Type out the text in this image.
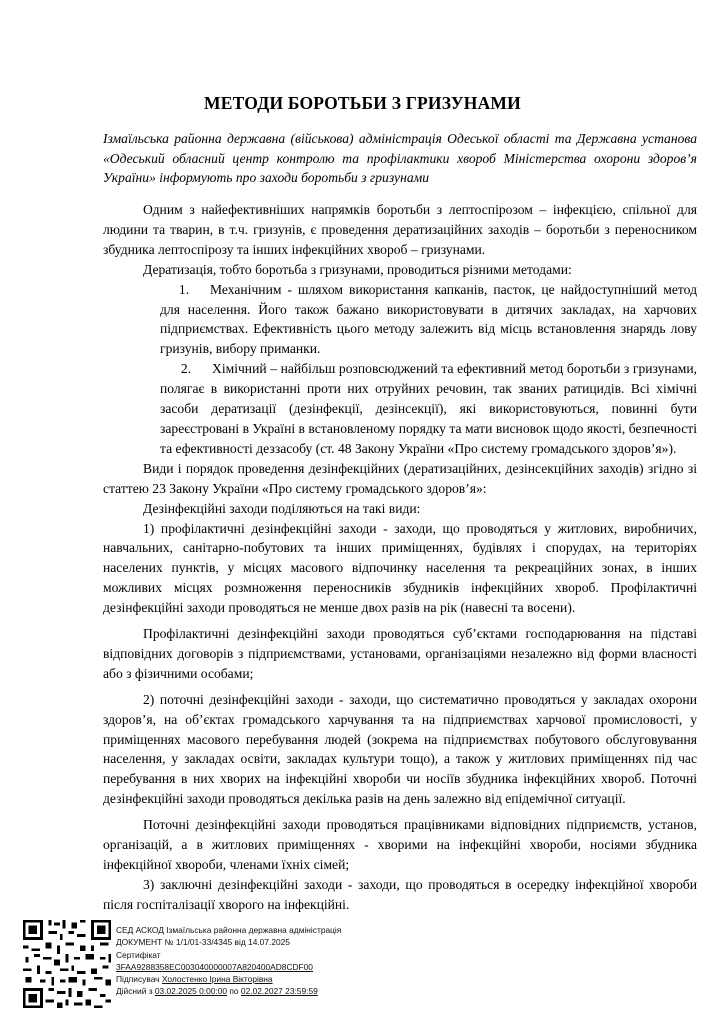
МЕТОДИ БОРОТЬБИ З ГРИЗУНАМИ
Ізмаїльська районна державна (військова) адміністрація Одеської області та Державна установа «Одеський обласний центр контролю та профілактики хвороб Міністерства охорони здоров’я України» інформують про заходи боротьби з гризунами

Одним з найефективніших напрямків боротьби з лептоспірозом – інфекцією, спільної для людини та тварин, в т.ч. гризунів, є проведення дератизаційних заходів – боротьби з переносником збудника лептоспірозу та інших інфекційних хвороб – гризунами.

Дератизація, тобто боротьба з гризунами, проводиться різними методами:

1. Механічним - шляхом використання капканів, пасток, це найдоступніший метод для населення. Його також бажано використовувати в дитячих закладах, на харчових підприємствах. Ефективність цього методу залежить від місць встановлення знарядь лову гризунів, вибору приманки.

2. Хімічний – найбільш розповсюджений та ефективний метод боротьби з гризунами, полягає в використанні проти них отруйних речовин, так званих ратицидів. Всі хімічні засоби дератизації (дезінфекції, дезінсекції), які використовуються, повинні бути зареєстровані в Україні в встановленому порядку та мати висновок щодо якості, безпечності та ефективності деззасобу (ст. 48 Закону України «Про систему громадського здоров’я»).

Види і порядок проведення дезінфекційних (дератизаційних, дезінсекційних заходів) згідно зі статтею 23 Закону України «Про систему громадського здоров’я»:

Дезінфекційні заходи поділяються на такі види:

1) профілактичні дезінфекційні заходи - заходи, що проводяться у житлових, виробничих, навчальних, санітарно-побутових та інших приміщеннях, будівлях і спорудах, на територіях населених пунктів, у місцях масового відпочинку населення та рекреаційних зонах, в інших можливих місцях розмноження переносників збудників інфекційних хвороб. Профілактичні дезінфекційні заходи проводяться не менше двох разів на рік (навесні та восени).

Профілактичні дезінфекційні заходи проводяться суб’єктами господарювання на підставі відповідних договорів з підприємствами, установами, організаціями незалежно від форми власності або з фізичними особами;

2) поточні дезінфекційні заходи - заходи, що систематично проводяться у закладах охорони здоров’я, на об’єктах громадського харчування та на підприємствах харчової промисловості, у приміщеннях масового перебування людей (зокрема на підприємствах побутового обслуговування населення, у закладах освіти, закладах культури тощо), а також у житлових приміщеннях під час перебування в них хворих на інфекційні хвороби чи носіїв збудника інфекційних хвороб. Поточні дезінфекційні заходи проводяться декілька разів на день залежно від епідемічної ситуації.

Поточні дезінфекційні заходи проводяться працівниками відповідних підприємств, установ, організацій, а в житлових приміщеннях - хворими на інфекційні хвороби, носіями збудника інфекційної хвороби, членами їхніх сімей;

3) заключні дезінфекційні заходи - заходи, що проводяться в осередку інфекційної хвороби після госпіталізації хворого на інфекційні.

СЕД АСКОД Ізмаїльська районна державна адміністрація
ДОКУМЕНТ № 1/1/01-33/4345 від 14.07.2025
Сертифікат
3FAA9288358EC003040000007A820400AD8CDF00
Підписувач Холостенко Ірина Вікторівна
Дійсний з 03.02.2025 0:00:00 по 02.02.2027 23:59:59
